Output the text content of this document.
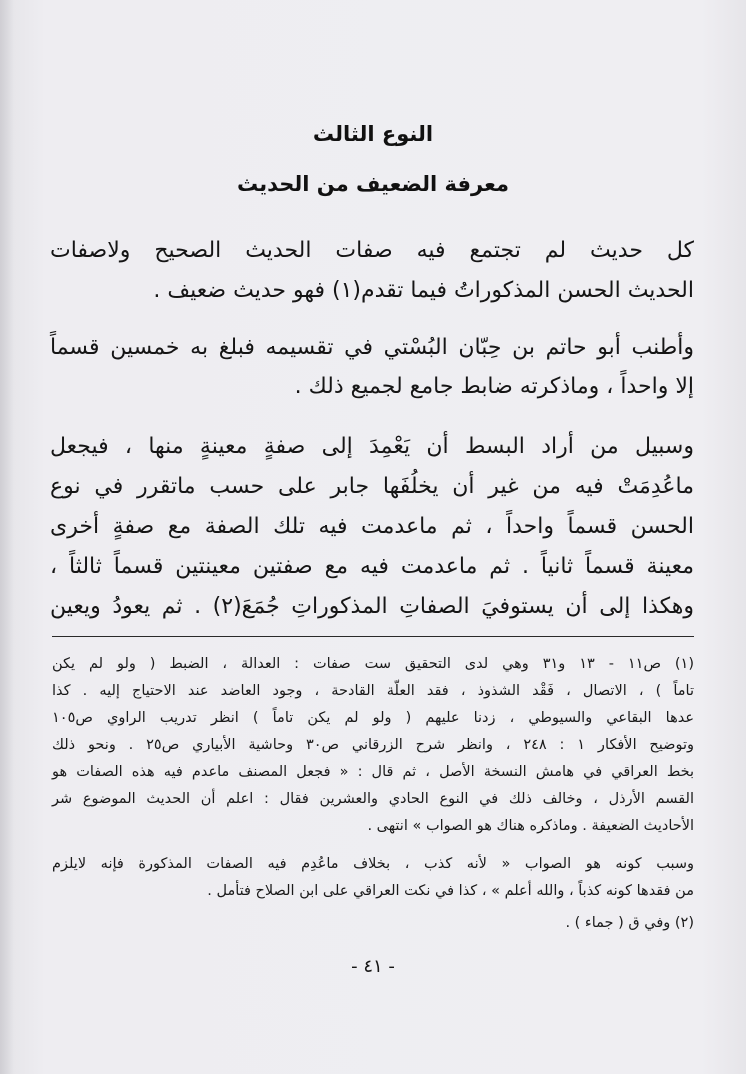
النوع الثالث
معرفة الضعيف من الحديث
كل حديث لم تجتمع فيه صفات الحديث الصحيح ولاصفات
الحديث الحسن المذكوراتُ فيما تقدم(١) فهو حديث ضعيف .
وأطنب أبو حاتم بن حِبّان البُسْتي في تقسيمه فبلغ به خمسين قسماً
إلا واحداً ، وماذكرته ضابط جامع لجميع ذلك .
وسبيل من أراد البسط أن يَعْمِدَ إلى صفةٍ معينةٍ منها ، فيجعل
ماعُدِمَتْ فيه من غير أن يخلُفَها جابر على حسب ماتقرر في نوع
الحسن قسماً واحداً ، ثم ماعدمت فيه تلك الصفة مع صفةٍ أخرى
معينة قسماً ثانياً . ثم ماعدمت فيه مع صفتين معينتين قسماً ثالثاً ،
وهكذا إلى أن يستوفيَ الصفاتِ المذكوراتِ جُمَعَ(٢) . ثم يعودُ ويعين
(١) ص١١ - ١٣ و٣١ وهي لدى التحقيق ست صفات : العدالة ، الضبط ( ولو لم يكن
تاماً ) ، الاتصال ، فَقْد الشذوذ ، فقد العلّة القادحة ، وجود العاضد عند الاحتياج إليه . كذا
عدها البقاعي والسيوطي ، زدنا عليهم ( ولو لم يكن تاماً ) انظر تدريب الراوي ص١٠٥
وتوضيح الأفكار ١ : ٢٤٨ ، وانظر شرح الزرقاني ص٣٠ وحاشية الأبياري ص٢٥ . ونحو ذلك
بخط العراقي في هامش النسخة الأصل ، ثم قال : « فجعل المصنف ماعدم فيه هذه الصفات هو
القسم الأرذل ، وخالف ذلك في النوع الحادي والعشرين فقال : اعلم أن الحديث الموضوع شر
الأحاديث الضعيفة . وماذكره هناك هو الصواب » انتهى .
وسبب كونه هو الصواب « لأنه كذب ، بخلاف ماعُدِم فيه الصفات المذكورة فإنه لايلزم
من فقدها كونه كذباً ، والله أعلم » ، كذا في نكت العراقي على ابن الصلاح فتأمل .
(٢) وفي ق ( جماء ) .
- ٤١ -
